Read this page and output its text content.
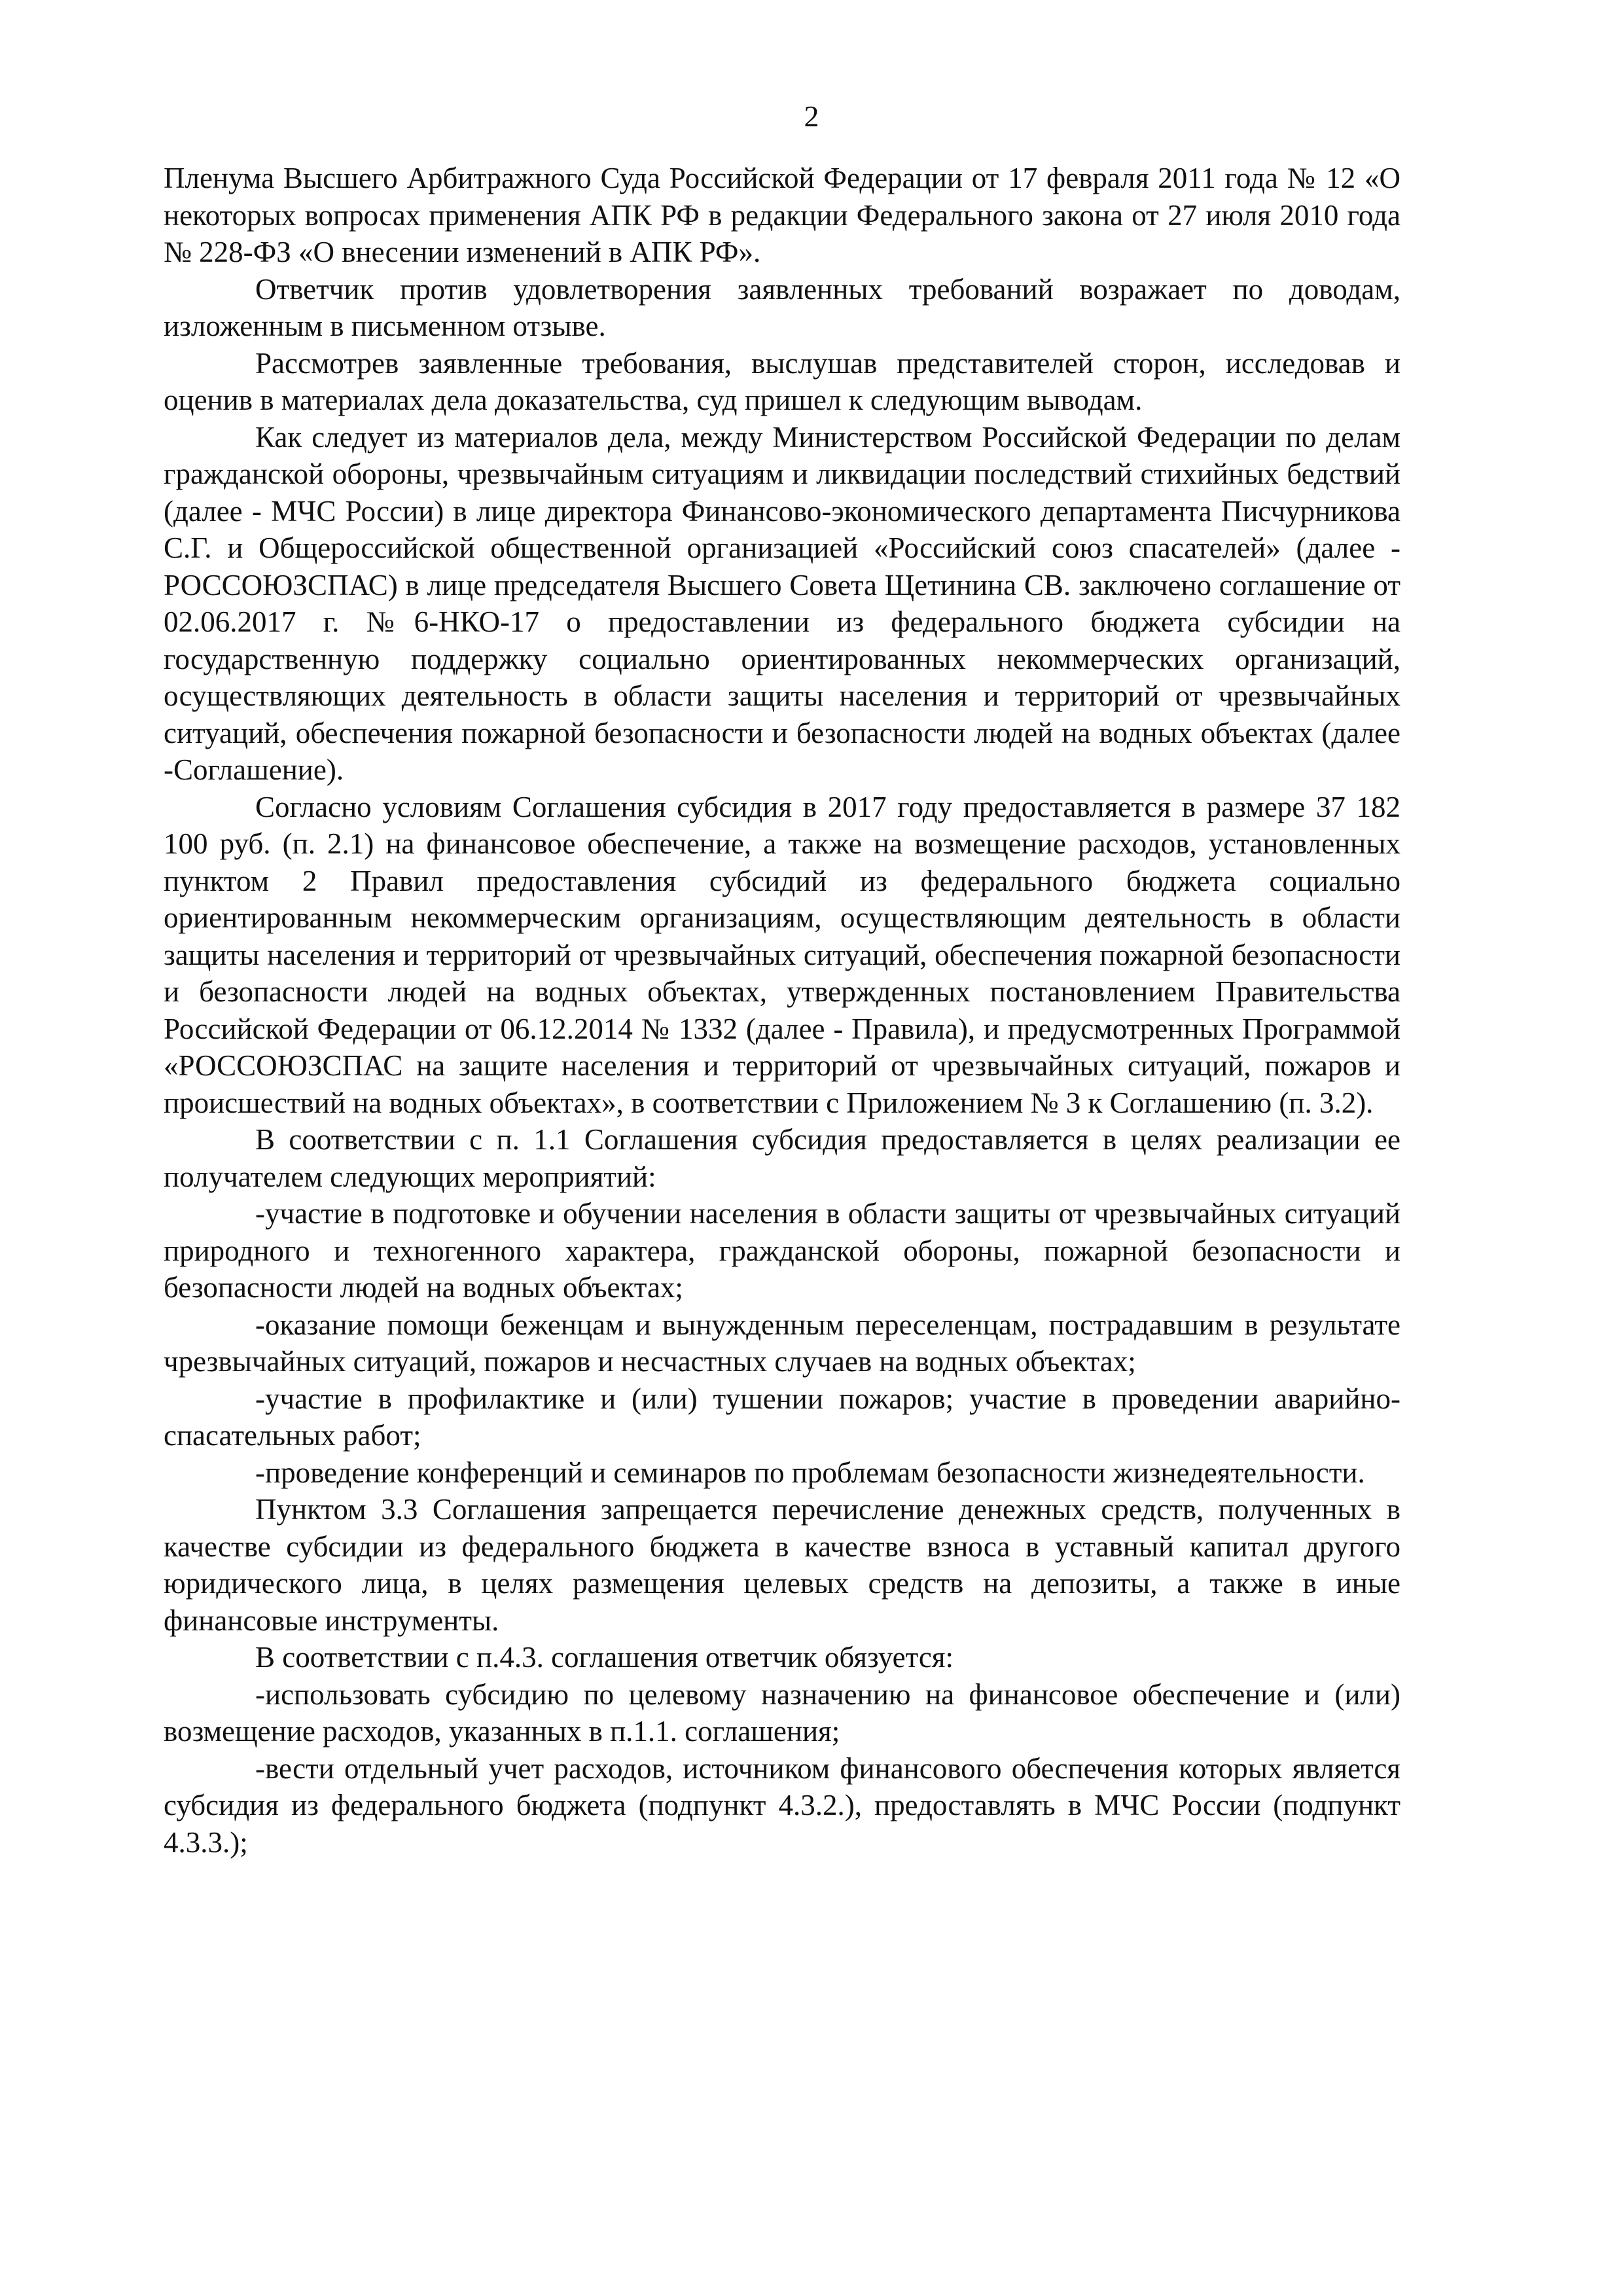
2

Пленума Высшего Арбитражного Суда Российской Федерации от 17 февраля 2011 года № 12 «О некоторых вопросах применения АПК РФ в редакции Федерального закона от 27 июля 2010 года № 228-ФЗ «О внесении изменений в АПК РФ».

Ответчик против удовлетворения заявленных требований возражает по доводам, изложенным в письменном отзыве.

Рассмотрев заявленные требования, выслушав представителей сторон, исследовав и оценив в материалах дела доказательства, суд пришел к следующим выводам.

Как следует из материалов дела, между Министерством Российской Федерации по делам гражданской обороны, чрезвычайным ситуациям и ликвидации последствий стихийных бедствий (далее - МЧС России) в лице директора Финансово-экономического департамента Писчурникова С.Г. и Общероссийской общественной организацией «Российский союз спасателей» (далее - РОССОЮЗСПАС) в лице председателя Высшего Совета Щетинина СВ. заключено соглашение от 02.06.2017 г. №6-НКО-17 о предоставлении из федерального бюджета субсидии на государственную поддержку социально ориентированных некоммерческих организаций, осуществляющих деятельность в области защиты населения и территорий от чрезвычайных ситуаций, обеспечения пожарной безопасности и безопасности людей на водных объектах (далее -Соглашение).

Согласно условиям Соглашения субсидия в 2017 году предоставляется в размере 37 182 100 руб. (п. 2.1) на финансовое обеспечение, а также на возмещение расходов, установленных пунктом 2 Правил предоставления субсидий из федерального бюджета социально ориентированным некоммерческим организациям, осуществляющим деятельность в области защиты населения и территорий от чрезвычайных ситуаций, обеспечения пожарной безопасности и безопасности людей на водных объектах, утвержденных постановлением Правительства Российской Федерации от 06.12.2014 № 1332 (далее - Правила), и предусмотренных Программой «РОССОЮЗСПАС на защите населения и территорий от чрезвычайных ситуаций, пожаров и происшествий на водных объектах», в соответствии с Приложением № 3 к Соглашению (п. 3.2).

В соответствии с п. 1.1 Соглашения субсидия предоставляется в целях реализации ее получателем следующих мероприятий:

-участие в подготовке и обучении населения в области защиты от чрезвычайных ситуаций природного и техногенного характера, гражданской обороны, пожарной безопасности и безопасности людей на водных объектах;

-оказание помощи беженцам и вынужденным переселенцам, пострадавшим в результате чрезвычайных ситуаций, пожаров и несчастных случаев на водных объектах;

-участие в профилактике и (или) тушении пожаров; участие в проведении аварийно-спасательных работ;

-проведение конференций и семинаров по проблемам безопасности жизнедеятельности.

Пунктом 3.3 Соглашения запрещается перечисление денежных средств, полученных в качестве субсидии из федерального бюджета в качестве взноса в уставный капитал другого юридического лица, в целях размещения целевых средств на депозиты, а также в иные финансовые инструменты.

В соответствии с п.4.3. соглашения ответчик обязуется:

-использовать субсидию по целевому назначению на финансовое обеспечение и (или) возмещение расходов, указанных в п.1.1. соглашения;

-вести отдельный учет расходов, источником финансового обеспечения которых является субсидия из федерального бюджета (подпункт 4.3.2.), предоставлять в МЧС России (подпункт 4.3.3.);
